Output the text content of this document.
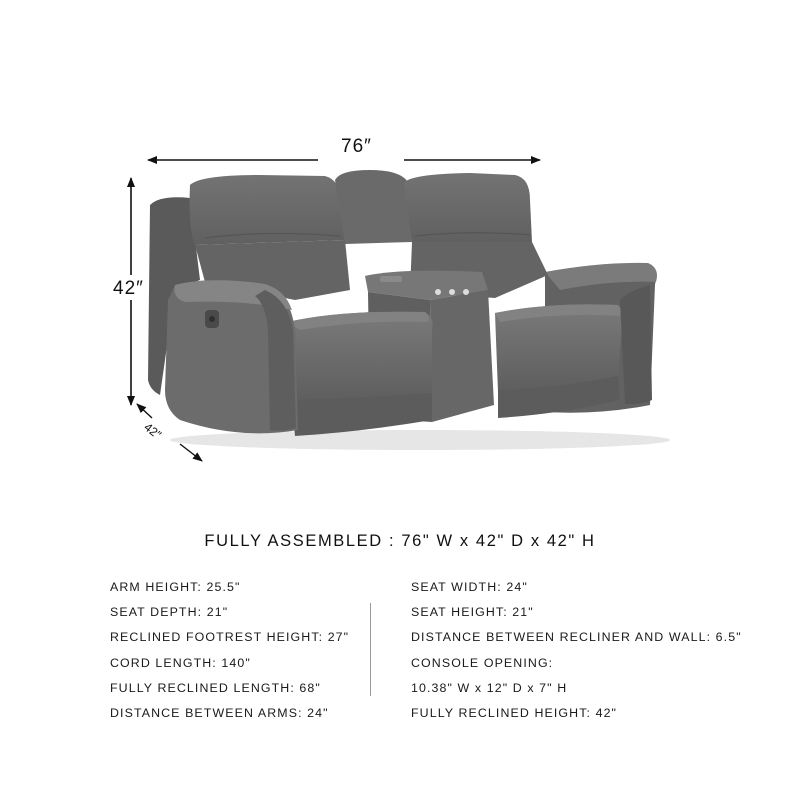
76″
42″
42″
FULLY ASSEMBLED : 76" W x 42" D x 42" H
ARM HEIGHT: 25.5"
SEAT DEPTH: 21"
RECLINED FOOTREST HEIGHT: 27"
CORD LENGTH: 140"
FULLY RECLINED LENGTH: 68"
DISTANCE BETWEEN ARMS: 24"
SEAT WIDTH: 24"
SEAT HEIGHT: 21"
DISTANCE BETWEEN RECLINER AND WALL: 6.5"
CONSOLE OPENING:
10.38" W x 12" D x 7" H
FULLY RECLINED HEIGHT: 42"
